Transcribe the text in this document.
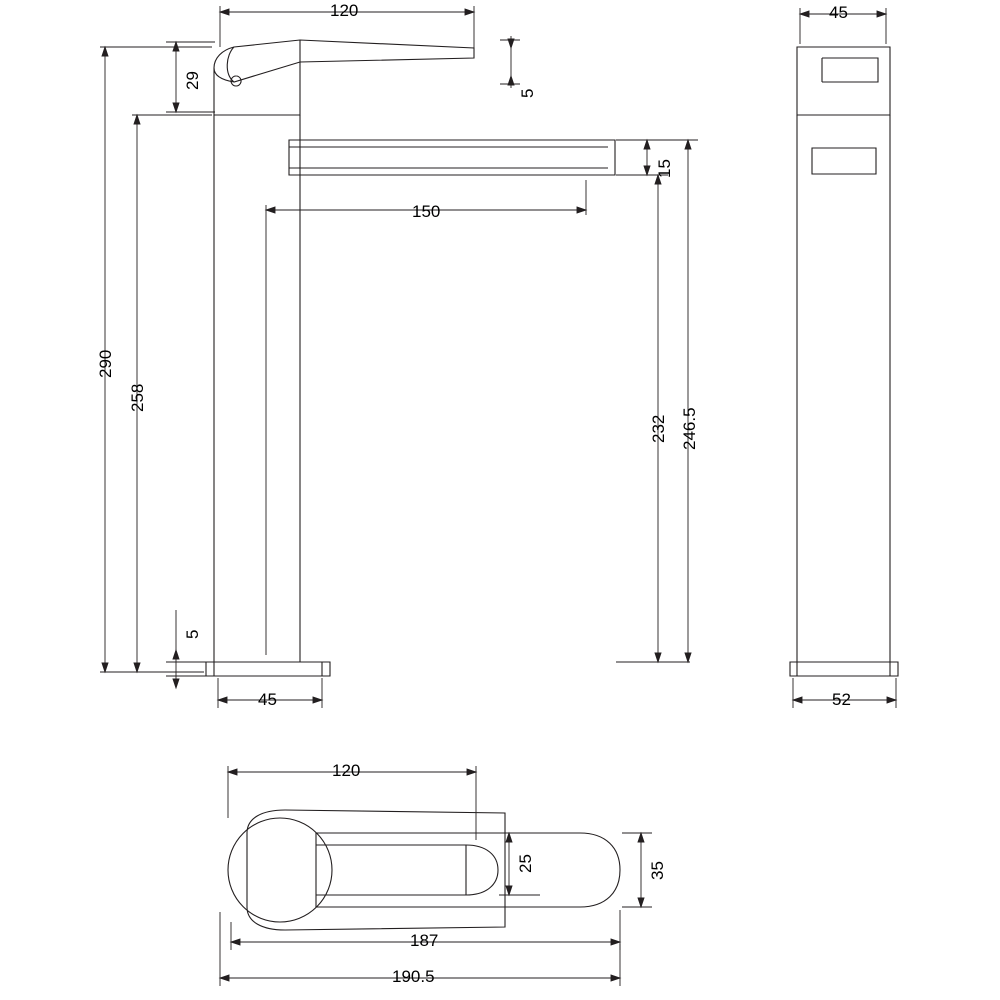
120
29
5
15
150
290
258
232 246.5
5
45
45
52
120
25	35
187
190.5
